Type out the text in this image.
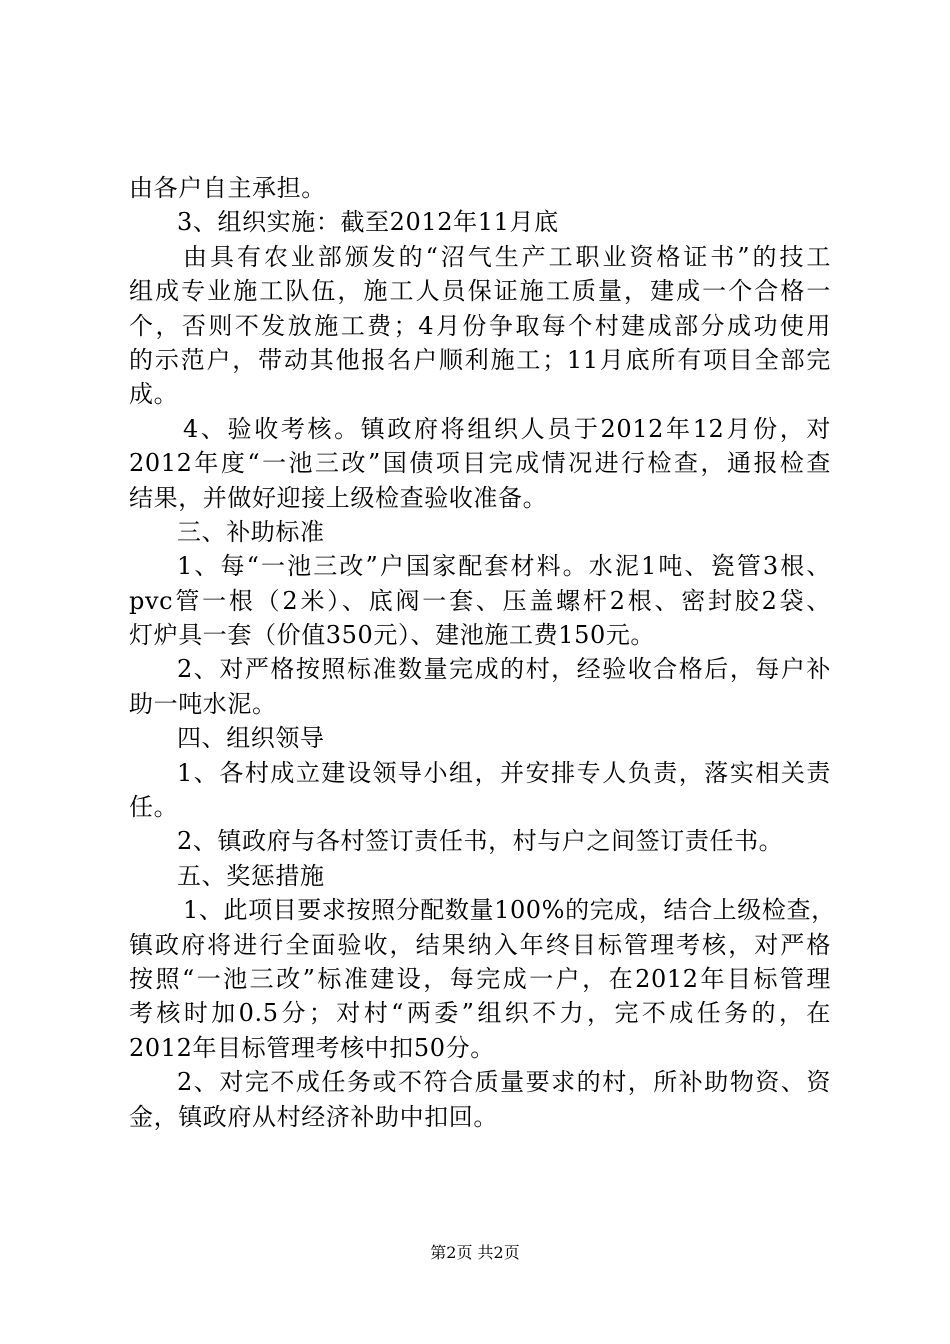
由各户自主承担。
3、组织实施：截至2012年11月底
由具有农业部颁发的“沼气生产工职业资格证书”的技工
组成专业施工队伍，施工人员保证施工质量，建成一个合格一
个，否则不发放施工费；4月份争取每个村建成部分成功使用
的示范户，带动其他报名户顺利施工；11月底所有项目全部完
成。
4、验收考核。镇政府将组织人员于2012年12月份，对
2012年度“一池三改”国债项目完成情况进行检查，通报检查
结果，并做好迎接上级检查验收准备。
三、补助标准
1、每“一池三改”户国家配套材料。水泥1吨、瓷管3根、
pvc管一根（2米）、底阀一套、压盖螺杆2根、密封胶2袋、
灯炉具一套（价值350元）、建池施工费150元。
2、对严格按照标准数量完成的村，经验收合格后，每户补
助一吨水泥。
四、组织领导
1、各村成立建设领导小组，并安排专人负责，落实相关责
任。
2、镇政府与各村签订责任书，村与户之间签订责任书。
五、奖惩措施
1、此项目要求按照分配数量100%的完成，结合上级检查，
镇政府将进行全面验收，结果纳入年终目标管理考核，对严格
按照“一池三改”标准建设，每完成一户，在2012年目标管理
考核时加0.5分；对村“两委”组织不力，完不成任务的，在
2012年目标管理考核中扣50分。
2、对完不成任务或不符合质量要求的村，所补助物资、资
金，镇政府从村经济补助中扣回。
第2页 共2页
